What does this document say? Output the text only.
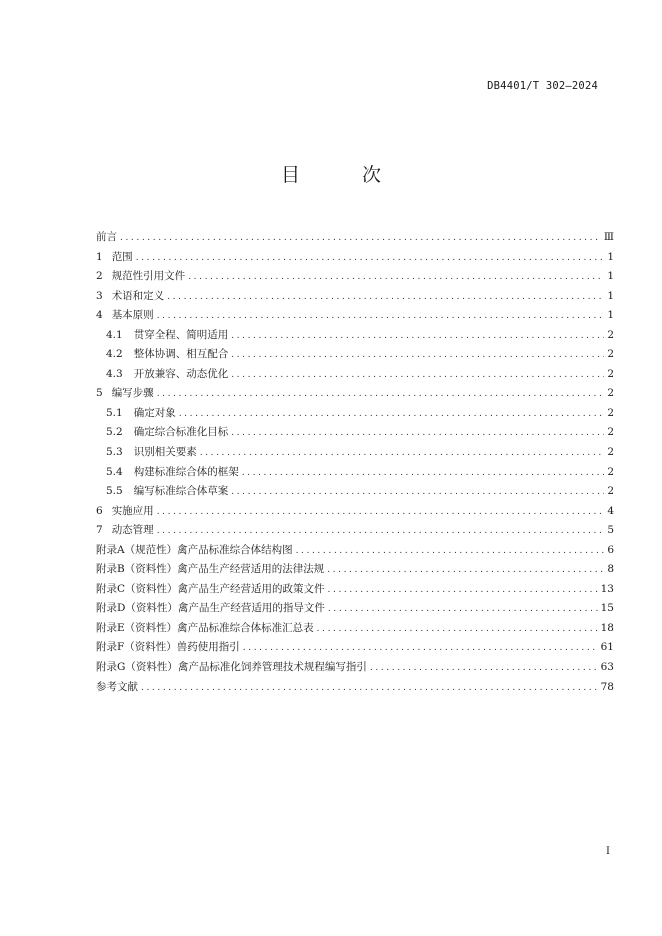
DB4401/T 302—2024
目 次
前言 .....	Ⅲ
1 范围 .....	1
2 规范性引用文件 .....	1
3 术语和定义 .....	1
4 基本原则 .....	1
4.1 贯穿全程、简明适用 .....	2
4.2 整体协调、相互配合 .....	2
4.3 开放兼容、动态优化 .....	2
5 编写步骤 .....	2
5.1 确定对象 .....	2
5.2 确定综合标准化目标 .....	2
5.3 识别相关要素 .....	2
5.4 构建标准综合体的框架 .....	2
5.5 编写标准综合体草案 .....	2
6 实施应用 .....	4
7 动态管理 .....	5
附录A（规范性） 禽产品标准综合体结构图 .....	6
附录B（资料性） 禽产品生产经营适用的法律法规 .....	8
附录C（资料性） 禽产品生产经营适用的政策文件 .....	13
附录D（资料性） 禽产品生产经营适用的指导文件 .....	15
附录E（资料性） 禽产品标准综合体标准汇总表 .....	18
附录F（资料性） 兽药使用指引 .....	61
附录G（资料性） 禽产品标准化饲养管理技术规程编写指引 .....	63
参考文献 .....	78
I
